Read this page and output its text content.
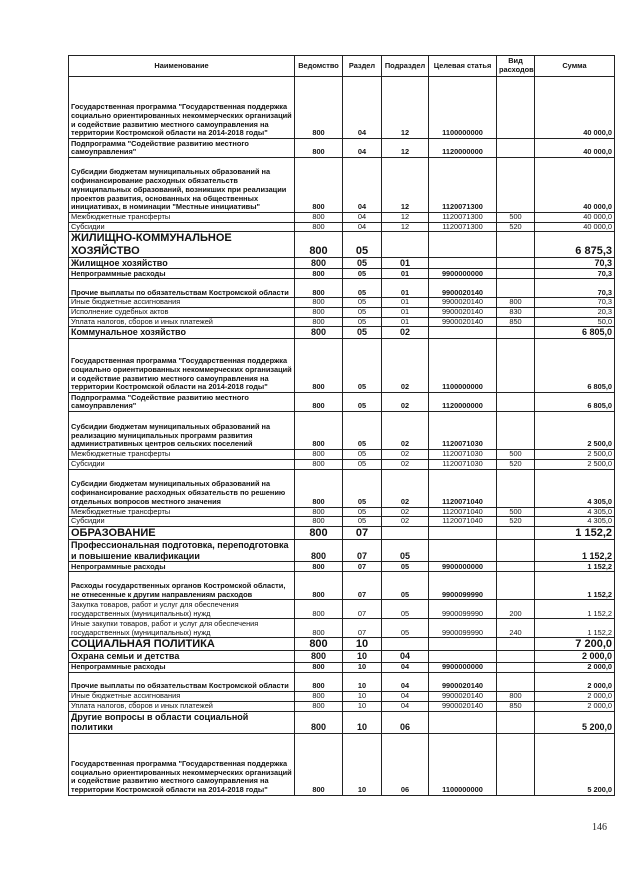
Наименование	Ведомство	Раздел	Подраздел	Целевая статья	Вид расходов	Сумма
Государственная программа "Государственная поддержка социально ориентированных некоммерческих организаций и содействие развитию местного самоуправления на территории Костромской области на 2014-2018 годы"	800	04	12	1100000000		40 000,0
Подпрограмма "Содействие развитию местного самоуправления"	800	04	12	1120000000		40 000,0
Субсидии бюджетам муниципальных образований на софинансирование расходных обязательств муниципальных образований, возникших при реализации проектов развития, основанных на общественных инициативах, в номинации "Местные инициативы"	800	04	12	1120071300		40 000,0
Межбюджетные трансферты	800	04	12	1120071300	500	40 000,0
Субсидии	800	04	12	1120071300	520	40 000,0
ЖИЛИЩНО-КОММУНАЛЬНОЕ ХОЗЯЙСТВО	800	05				6 875,3
Жилищное хозяйство	800	05	01			70,3
Непрограммные расходы	800	05	01	9900000000		70,3
Прочие выплаты по обязательствам Костромской области	800	05	01	9900020140		70,3
Иные бюджетные ассигнования	800	05	01	9900020140	800	70,3
Исполнение судебных актов	800	05	01	9900020140	830	20,3
Уплата налогов, сборов и иных платежей	800	05	01	9900020140	850	50,0
Коммунальное хозяйство	800	05	02			6 805,0
Государственная программа "Государственная поддержка социально ориентированных некоммерческих организаций и содействие развитию местного самоуправления на территории Костромской области на 2014-2018 годы"	800	05	02	1100000000		6 805,0
Подпрограмма "Содействие развитию местного самоуправления"	800	05	02	1120000000		6 805,0
Субсидии бюджетам муниципальных образований на реализацию муниципальных программ развития административных центров сельских поселений	800	05	02	1120071030		2 500,0
Межбюджетные трансферты	800	05	02	1120071030	500	2 500,0
Субсидии	800	05	02	1120071030	520	2 500,0
Субсидии бюджетам муниципальных образований на софинансирование расходных обязательств по решению отдельных вопросов местного значения	800	05	02	1120071040		4 305,0
Межбюджетные трансферты	800	05	02	1120071040	500	4 305,0
Субсидии	800	05	02	1120071040	520	4 305,0
ОБРАЗОВАНИЕ	800	07				1 152,2
Профессиональная подготовка, переподготовка и повышение квалификации	800	07	05			1 152,2
Непрограммные расходы	800	07	05	9900000000		1 152,2
Расходы государственных органов Костромской области, не отнесенные к другим направлениям расходов	800	07	05	9900099990		1 152,2
Закупка товаров, работ и услуг для обеспечения государственных (муниципальных) нужд	800	07	05	9900099990	200	1 152,2
Иные закупки товаров, работ и услуг для обеспечения государственных (муниципальных) нужд	800	07	05	9900099990	240	1 152,2
СОЦИАЛЬНАЯ ПОЛИТИКА	800	10				7 200,0
Охрана семьи и детства	800	10	04			2 000,0
Непрограммные расходы	800	10	04	9900000000		2 000,0
Прочие выплаты по обязательствам Костромской области	800	10	04	9900020140		2 000,0
Иные бюджетные ассигнования	800	10	04	9900020140	800	2 000,0
Уплата налогов, сборов и иных платежей	800	10	04	9900020140	850	2 000,0
Другие вопросы в области социальной политики	800	10	06			5 200,0
Государственная программа "Государственная поддержка социально ориентированных некоммерческих организаций и содействие развитию местного самоуправления на территории Костромской области на 2014-2018 годы"	800	10	06	1100000000		5 200,0
146
